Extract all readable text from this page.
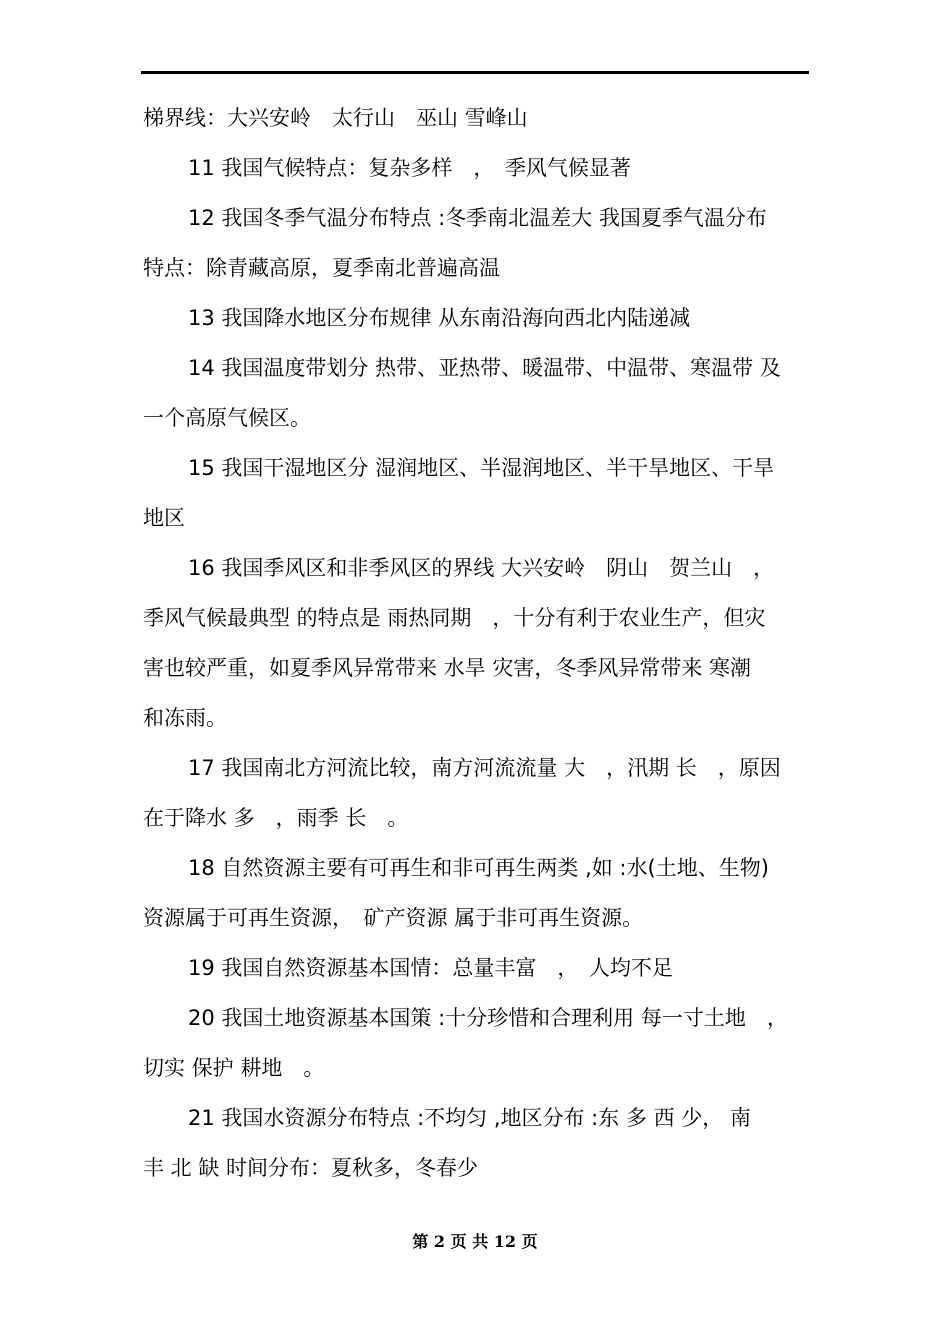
梯界线：大兴安岭　太行山　巫山 雪峰山
11 我国气候特点：复杂多样　，　季风气候显著
12 我国冬季气温分布特点 :冬季南北温差大 我国夏季气温分布
特点：除青藏高原，夏季南北普遍高温
13 我国降水地区分布规律 从东南沿海向西北内陆递减
14 我国温度带划分 热带、亚热带、暖温带、中温带、寒温带 及
一个高原气候区。
15 我国干湿地区分 湿润地区、半湿润地区、半干旱地区、干旱
地区
16 我国季风区和非季风区的界线 大兴安岭　阴山　贺兰山　，
季风气候最典型 的特点是 雨热同期　，十分有利于农业生产，但灾
害也较严重，如夏季风异常带来 水旱 灾害，冬季风异常带来 寒潮
和冻雨。
17 我国南北方河流比较，南方河流流量 大　，汛期 长　，原因
在于降水 多　，雨季 长　。
18 自然资源主要有可再生和非可再生两类 ,如 :水(土地、生物)
资源属于可再生资源，　矿产资源 属于非可再生资源。
19 我国自然资源基本国情：总量丰富　，　人均不足
20 我国土地资源基本国策 :十分珍惜和合理利用 每一寸土地　，
切实 保护 耕地　。
21 我国水资源分布特点 :不均匀 ,地区分布 :东 多 西 少， 南
丰 北 缺 时间分布：夏秋多，冬春少
第 2 页 共 12 页
